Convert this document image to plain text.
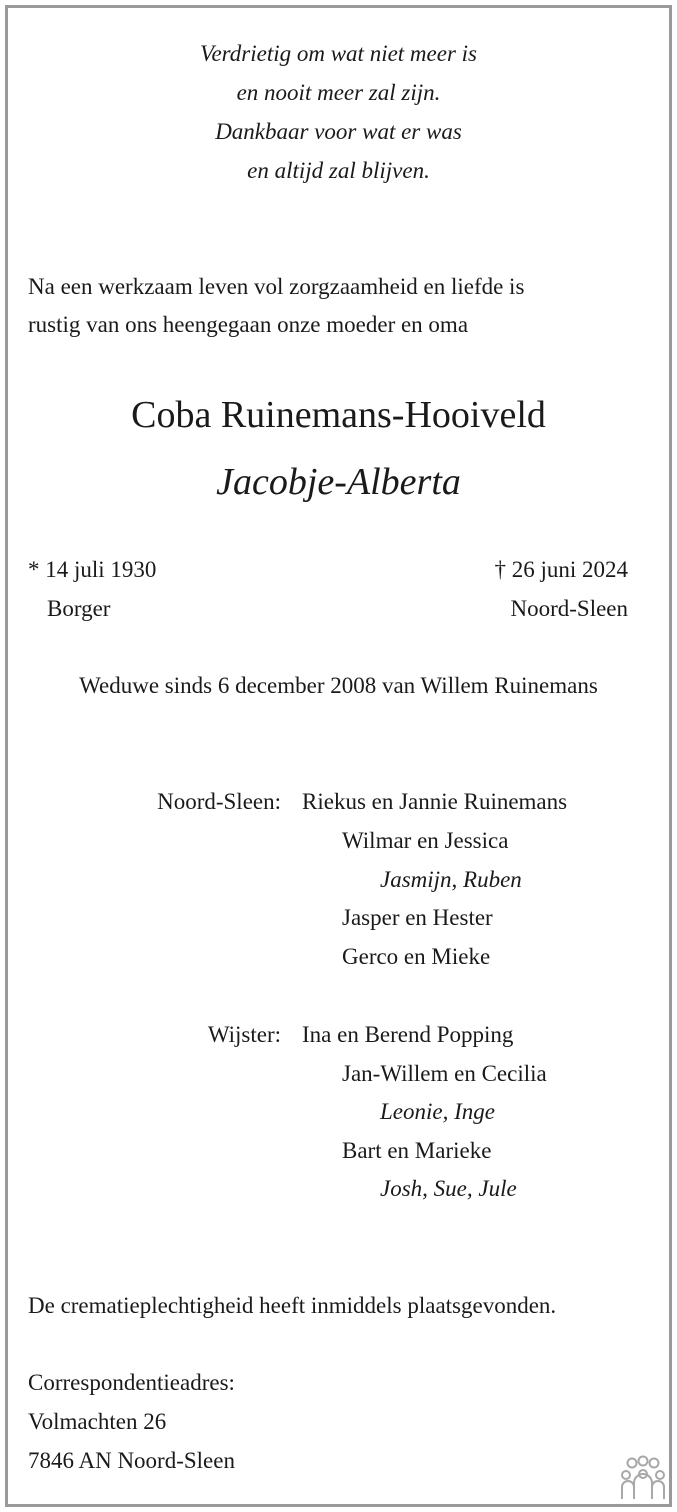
Verdrietig om wat niet meer is
en nooit meer zal zijn.
Dankbaar voor wat er was
en altijd zal blijven.
Na een werkzaam leven vol zorgzaamheid en liefde is
rustig van ons heengegaan onze moeder en oma
Coba Ruinemans-Hooiveld
Jacobje-Alberta
* 14 juli 1930
Borger
† 26 juni 2024
Noord-Sleen
Weduwe sinds 6 december 2008 van Willem Ruinemans
Noord-Sleen: Riekus en Jannie Ruinemans
Wilmar en Jessica
Jasmijn, Ruben
Jasper en Hester
Gerco en Mieke
Wijster: Ina en Berend Popping
Jan-Willem en Cecilia
Leonie, Inge
Bart en Marieke
Josh, Sue, Jule
De crematieplechtigheid heeft inmiddels plaatsgevonden.
Correspondentieadres:
Volmachten 26
7846 AN Noord-Sleen
